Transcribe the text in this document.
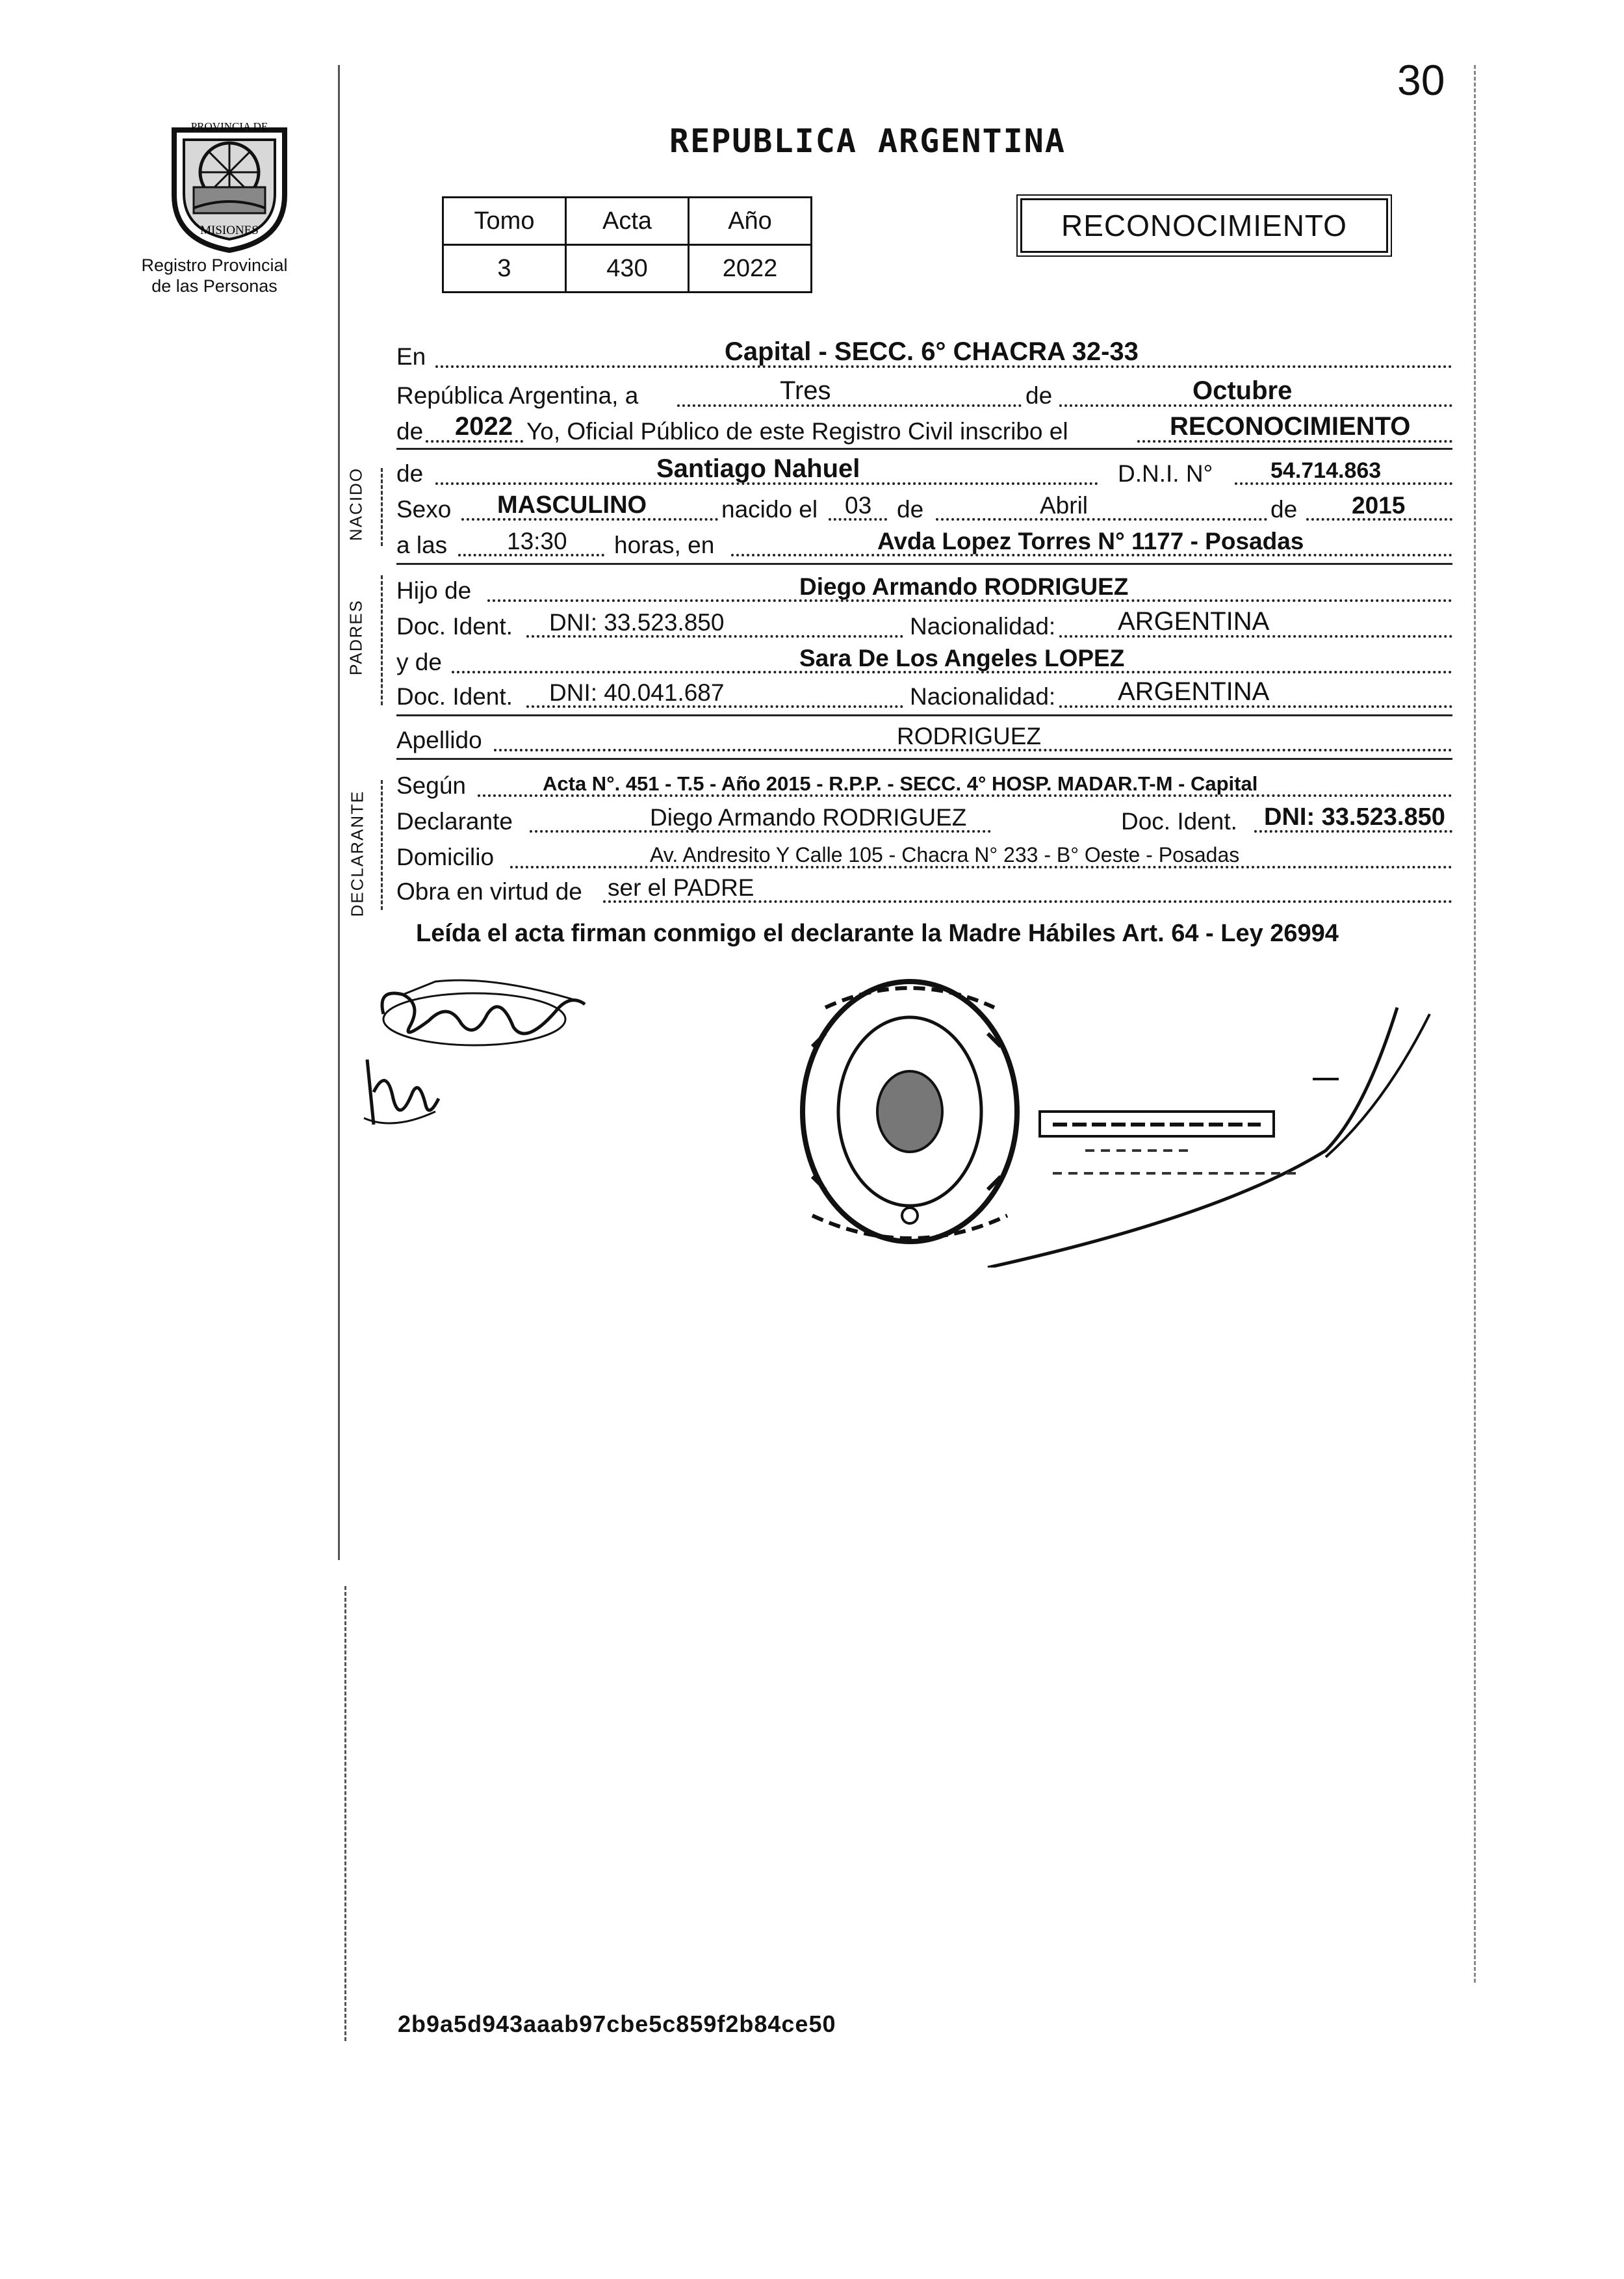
PROVINCIA DE
MISIONES
Registro Provincial
de las Personas
30
REPUBLICA ARGENTINA
Tomo	Acta	Año
3	430	2022
RECONOCIMIENTO
NACIDO
PADRES
DECLARANTE
En	Capital - SECC. 6° CHACRA 32-33
República Argentina, a	Tres	de	Octubre
de 2022 Yo, Oficial Público de este Registro Civil inscribo el	RECONOCIMIENTO
de	Santiago Nahuel	D.N.I. N°	54.714.863
Sexo MASCULINO	nacido el 03 de	Abril	de 2015
a las 13:30 horas, en	Avda Lopez Torres N° 1177 - Posadas
Hijo de	Diego Armando RODRIGUEZ
Doc. Ident. DNI: 33.523.850	Nacionalidad: ARGENTINA
y de	Sara De Los Angeles LOPEZ
Doc. Ident. DNI: 40.041.687	Nacionalidad: ARGENTINA
Apellido	RODRIGUEZ
Según	Acta N°. 451 - T.5 - Año 2015 - R.P.P. - SECC. 4° HOSP. MADAR.T-M - Capital
Declarante	Diego Armando RODRIGUEZ	Doc. Ident. DNI: 33.523.850
Domicilio	Av. Andresito Y Calle 105 - Chacra N° 233 - B° Oeste - Posadas
Obra en virtud de ser el PADRE
Leída el acta firman conmigo el declarante la Madre Hábiles Art. 64 - Ley 26994
2b9a5d943aaab97cbe5c859f2b84ce50
